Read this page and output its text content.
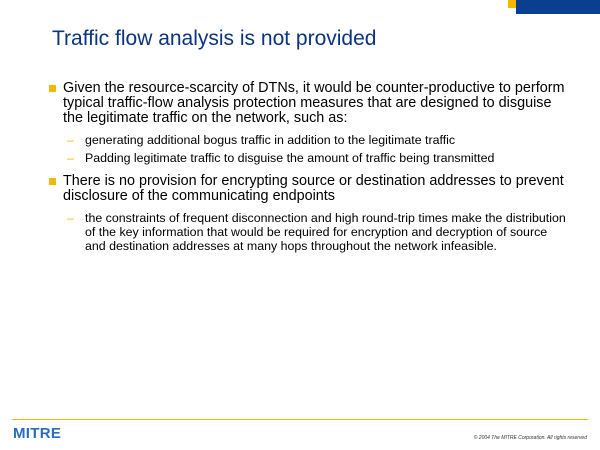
Traffic flow analysis is not provided
Given the resource-scarcity of DTNs, it would be counter-productive to perform typical traffic-flow analysis protection measures that are designed to disguise the legitimate traffic on the network, such as:
– generating additional bogus traffic in addition to the legitimate traffic
– Padding legitimate traffic to disguise the amount of traffic being transmitted
There is no provision for encrypting source or destination addresses to prevent disclosure of the communicating endpoints
– the constraints of frequent disconnection and high round-trip times make the distribution of the key information that would be required for encryption and decryption of source and destination addresses at many hops throughout the network infeasible.
MITRE	© 2004 The MITRE Corporation. All rights reserved
